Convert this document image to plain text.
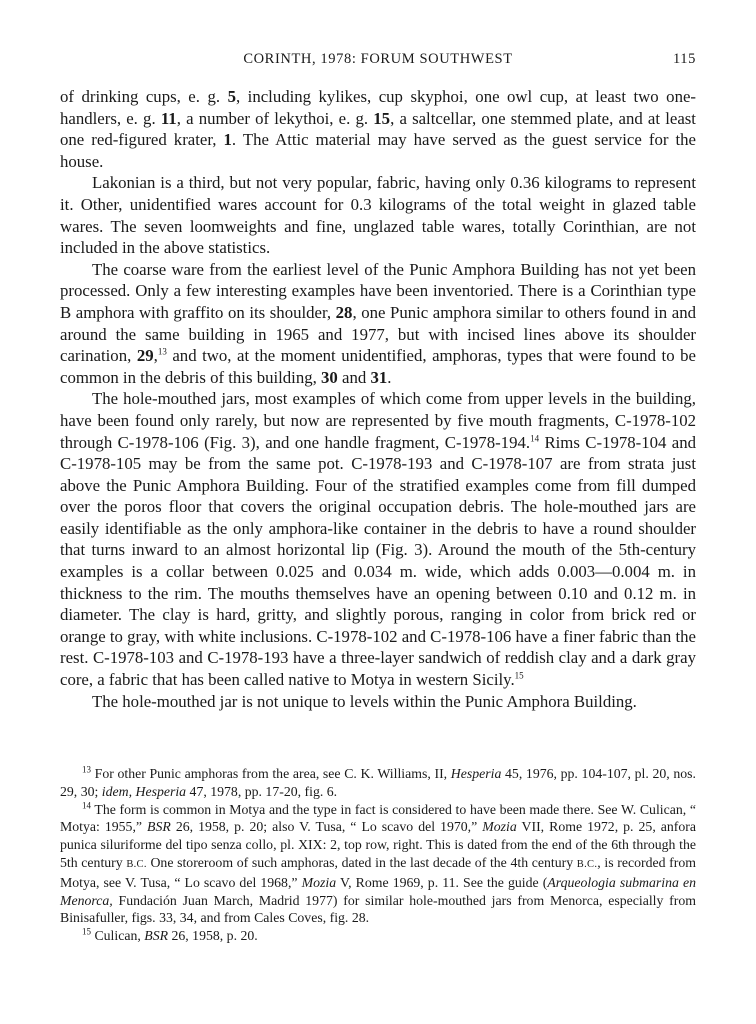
CORINTH, 1978: FORUM SOUTHWEST	115

of drinking cups, e. g. 5, including kylikes, cup skyphoi, one owl cup, at least two one-handlers, e. g. 11, a number of lekythoi, e. g. 15, a saltcellar, one stemmed plate, and at least one red-figured krater, 1. The Attic material may have served as the guest service for the house.

Lakonian is a third, but not very popular, fabric, having only 0.36 kilograms to represent it. Other, unidentified wares account for 0.3 kilograms of the total weight in glazed table wares. The seven loomweights and fine, unglazed table wares, totally Corinthian, are not included in the above statistics.

The coarse ware from the earliest level of the Punic Amphora Building has not yet been processed. Only a few interesting examples have been inventoried. There is a Corinthian type B amphora with graffito on its shoulder, 28, one Punic amphora similar to others found in and around the same building in 1965 and 1977, but with incised lines above its shoulder carination, 29,13 and two, at the moment unidentified, amphoras, types that were found to be common in the debris of this building, 30 and 31.

The hole-mouthed jars, most examples of which come from upper levels in the building, have been found only rarely, but now are represented by five mouth fragments, C-1978-102 through C-1978-106 (Fig. 3), and one handle fragment, C-1978-194.14 Rims C-1978-104 and C-1978-105 may be from the same pot. C-1978-193 and C-1978-107 are from strata just above the Punic Amphora Building. Four of the stratified examples come from fill dumped over the poros floor that covers the original occupation debris. The hole-mouthed jars are easily identifiable as the only amphora-like container in the debris to have a round shoulder that turns inward to an almost horizontal lip (Fig. 3). Around the mouth of the 5th-century examples is a collar between 0.025 and 0.034 m. wide, which adds 0.003—0.004 m. in thickness to the rim. The mouths themselves have an opening between 0.10 and 0.12 m. in diameter. The clay is hard, gritty, and slightly porous, ranging in color from brick red or orange to gray, with white inclusions. C-1978-102 and C-1978-106 have a finer fabric than the rest. C-1978-103 and C-1978-193 have a three-layer sandwich of reddish clay and a dark gray core, a fabric that has been called native to Motya in western Sicily.$^{15}$

The hole-mouthed jar is not unique to levels within the Punic Amphora Building.

$^{13}$ For other Punic amphoras from the area, see C. K. Williams, II, Hesperia 45, 1976, pp. 104-107, pl. 20, nos. 29, 30; idem, Hesperia 47, 1978, pp. 17-20, fig. 6.

$^{14}$ The form is common in Motya and the type in fact is considered to have been made there. See W. Culican, “ Motya: 1955,” BSR 26, 1958, p. 20; also V. Tusa, “ Lo scavo del 1970,” Mozia VII, Rome 1972, p. 25, anfora punica siluriforme del tipo senza collo, pl. XIX: 2, top row, right. This is dated from the end of the 6th through the 5th century B.C. One storeroom of such amphoras, dated in the last decade of the 4th century B.C., is recorded from Motya, see V. Tusa, “ Lo scavo del 1968,” Mozia V, Rome 1969, p. 11. See the guide (Arqueologia submarina en Menorca, Fundación Juan March, Madrid 1977) for similar hole-mouthed jars from Menorca, especially from Binisafuller, figs. 33, 34, and from Cales Coves, fig. 28.

$^{15}$ Culican, BSR 26, 1958, p. 20.
